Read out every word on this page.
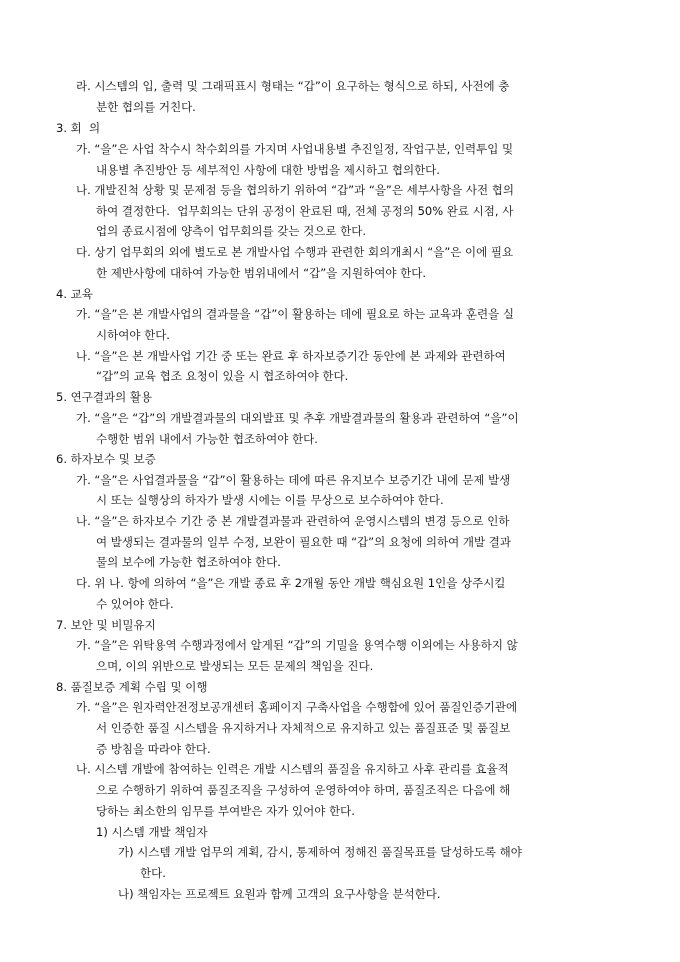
라. 시스템의 입, 출력 및 그래픽표시 형태는 “갑”이 요구하는 형식으로 하되, 사전에 충
분한 협의를 거친다.
3. 회  의
가. “을”은 사업 착수시 착수회의를 가지며 사업내용별 추진일정, 작업구분, 인력투입 및
내용별 추진방안 등 세부적인 사항에 대한 방법을 제시하고 협의한다.
나. 개발진척 상황 및 문제점 등을 협의하기 위하여 “갑”과 “을”은 세부사항을 사전 협의
하여 결정한다.  업무회의는 단위 공정이 완료된 때, 전체 공정의 50% 완료 시점, 사
업의 종료시점에 양측이 업무회의를 갖는 것으로 한다.
다. 상기 업무회의 외에 별도로 본 개발사업 수행과 관련한 회의개최시 “을”은 이에 필요
한 제반사항에 대하여 가능한 범위내에서 “갑”을 지원하여야 한다.
4. 교육
가. “을”은 본 개발사업의 결과물을 “갑”이 활용하는 데에 필요로 하는 교육과 훈련을 실
시하여야 한다.
나. “을”은 본 개발사업 기간 중 또는 완료 후 하자보증기간 동안에 본 과제와 관련하여
“갑”의 교육 협조 요청이 있을 시 협조하여야 한다.
5. 연구결과의 활용
가. “을”은 “갑”의 개발결과물의 대외발표 및 추후 개발결과물의 활용과 관련하여 “을”이
수행한 범위 내에서 가능한 협조하여야 한다.
6. 하자보수 및 보증
가. “을”은 사업결과물을 “갑”이 활용하는 데에 따른 유지보수 보증기간 내에 문제 발생
시 또는 실행상의 하자가 발생 시에는 이를 무상으로 보수하여야 한다.
나. “을”은 하자보수 기간 중 본 개발결과물과 관련하여 운영시스템의 변경 등으로 인하
여 발생되는 결과물의 일부 수정, 보완이 필요한 때 “갑”의 요청에 의하여 개발 결과
물의 보수에 가능한 협조하여야 한다.
다. 위 나. 항에 의하여 “을”은 개발 종료 후 2개월 동안 개발 핵심요원 1인을 상주시킬
수 있어야 한다.
7. 보안 및 비밀유지
가. “을”은 위탁용역 수행과정에서 알게된 “갑”의 기밀을 용역수행 이외에는 사용하지 않
으며, 이의 위반으로 발생되는 모든 문제의 책임을 진다.
8. 품질보증 계획 수립 및 이행
가. “을”은 원자력안전정보공개센터 홈페이지 구축사업을 수행함에 있어 품질인증기관에
서 인증한 품질 시스템을 유지하거나 자체적으로 유지하고 있는 품질표준 및 품질보
증 방침을 따라야 한다.
나. 시스템 개발에 참여하는 인력은 개발 시스템의 품질을 유지하고 사후 관리를 효율적
으로 수행하기 위하여 품질조직을 구성하여 운영하여야 하며, 품질조직은 다음에 해
당하는 최소한의 임무를 부여받은 자가 있어야 한다.
1) 시스템 개발 책임자
가) 시스템 개발 업무의 계획, 감시, 통제하여 정해진 품질목표를 달성하도록 해야
한다.
나) 책임자는 프로젝트 요원과 함께 고객의 요구사항을 분석한다.
